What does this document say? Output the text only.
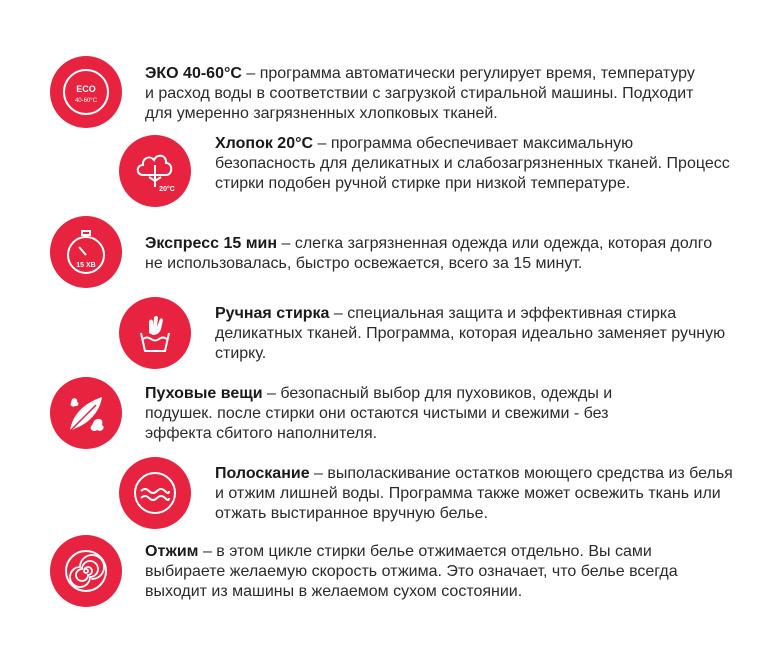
ECO
40-60°C
ЭКО 40-60°C – программа автоматически регулирует время, температуру и расход воды в соответствии с загрузкой стиральной машины. Подходит для умеренно загрязненных хлопковых тканей.
20°C
Хлопок 20°C – программа обеспечивает максимальную безопасность для деликатных и слабозагрязненных тканей. Процесс стирки подобен ручной стирке при низкой температуре.
15 ХВ
Экспресс 15 мин – слегка загрязненная одежда или одежда, которая долго не использовалась, быстро освежается, всего за 15 минут.
Ручная стирка – специальная защита и эффективная стирка деликатных тканей. Программа, которая идеально заменяет ручную стирку.
Пуховые вещи – безопасный выбор для пуховиков, одежды и подушек. после стирки они остаются чистыми и свежими - без эффекта сбитого наполнителя.
Полоскание – выполаскивание остатков моющего средства из белья и отжим лишней воды. Программа также может освежить ткань или отжать выстиранное вручную белье.
Отжим – в этом цикле стирки белье отжимается отдельно. Вы сами выбираете желаемую скорость отжима. Это означает, что белье всегда выходит из машины в желаемом сухом состоянии.
